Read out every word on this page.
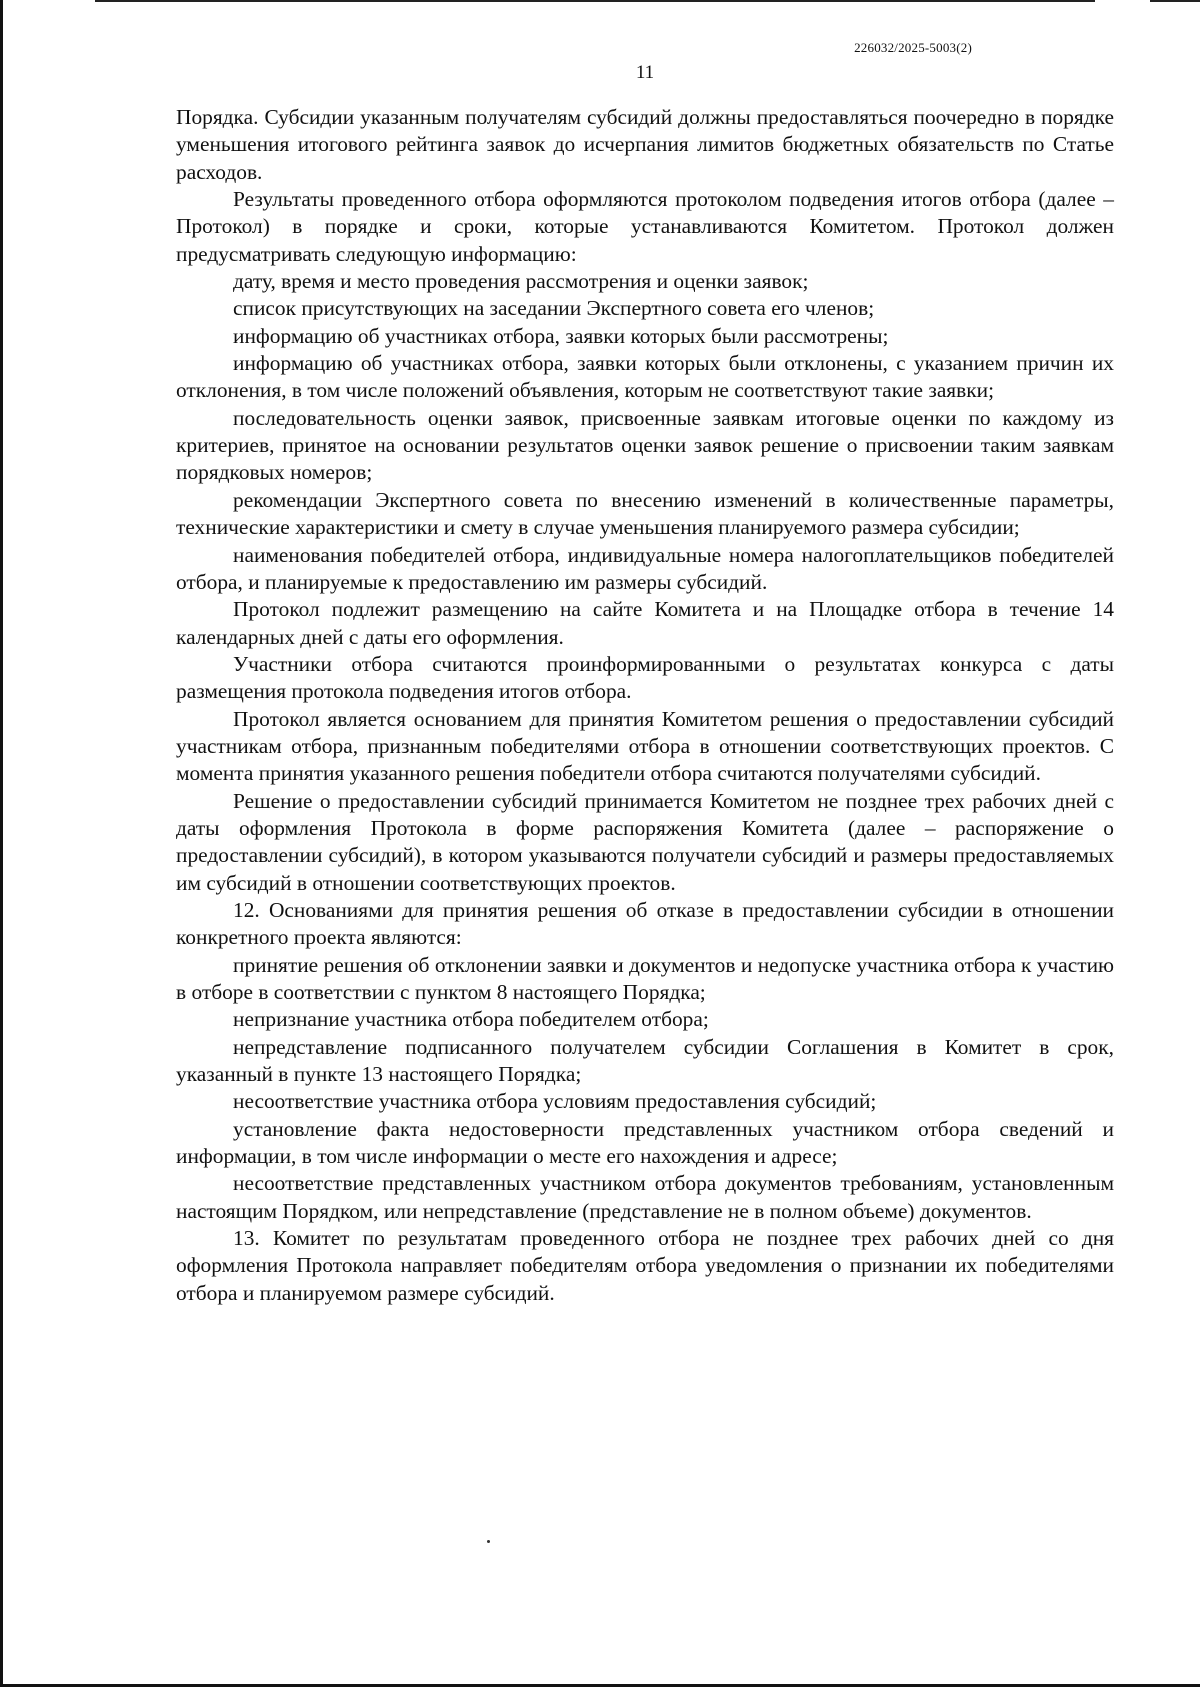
226032/2025-5003(2)
11

Порядка. Субсидии указанным получателям субсидий должны предоставляться поочередно в порядке уменьшения итогового рейтинга заявок до исчерпания лимитов бюджетных обязательств по Статье расходов.

Результаты проведенного отбора оформляются протоколом подведения итогов отбора (далее – Протокол) в порядке и сроки, которые устанавливаются Комитетом. Протокол должен предусматривать следующую информацию:

дату, время и место проведения рассмотрения и оценки заявок;

список присутствующих на заседании Экспертного совета его членов;

информацию об участниках отбора, заявки которых были рассмотрены;

информацию об участниках отбора, заявки которых были отклонены, с указанием причин их отклонения, в том числе положений объявления, которым не соответствуют такие заявки;

последовательность оценки заявок, присвоенные заявкам итоговые оценки по каждому из критериев, принятое на основании результатов оценки заявок решение о присвоении таким заявкам порядковых номеров;

рекомендации Экспертного совета по внесению изменений в количественные параметры, технические характеристики и смету в случае уменьшения планируемого размера субсидии;

наименования победителей отбора, индивидуальные номера налогоплательщиков победителей отбора, и планируемые к предоставлению им размеры субсидий.

Протокол подлежит размещению на сайте Комитета и на Площадке отбора в течение 14 календарных дней с даты его оформления.

Участники отбора считаются проинформированными о результатах конкурса с даты размещения протокола подведения итогов отбора.

Протокол является основанием для принятия Комитетом решения о предоставлении субсидий участникам отбора, признанным победителями отбора в отношении соответствующих проектов. С момента принятия указанного решения победители отбора считаются получателями субсидий.

Решение о предоставлении субсидий принимается Комитетом не позднее трех рабочих дней с даты оформления Протокола в форме распоряжения Комитета (далее – распоряжение о предоставлении субсидий), в котором указываются получатели субсидий и размеры предоставляемых им субсидий в отношении соответствующих проектов.

12. Основаниями для принятия решения об отказе в предоставлении субсидии в отношении конкретного проекта являются:

принятие решения об отклонении заявки и документов и недопуске участника отбора к участию в отборе в соответствии с пунктом 8 настоящего Порядка;

непризнание участника отбора победителем отбора;

непредставление подписанного получателем субсидии Соглашения в Комитет в срок, указанный в пункте 13 настоящего Порядка;

несоответствие участника отбора условиям предоставления субсидий;

установление факта недостоверности представленных участником отбора сведений и информации, в том числе информации о месте его нахождения и адресе;

несоответствие представленных участником отбора документов требованиям, установленным настоящим Порядком, или непредставление (представление не в полном объеме) документов.

13. Комитет по результатам проведенного отбора не позднее трех рабочих дней со дня оформления Протокола направляет победителям отбора уведомления о признании их победителями отбора и планируемом размере субсидий.
